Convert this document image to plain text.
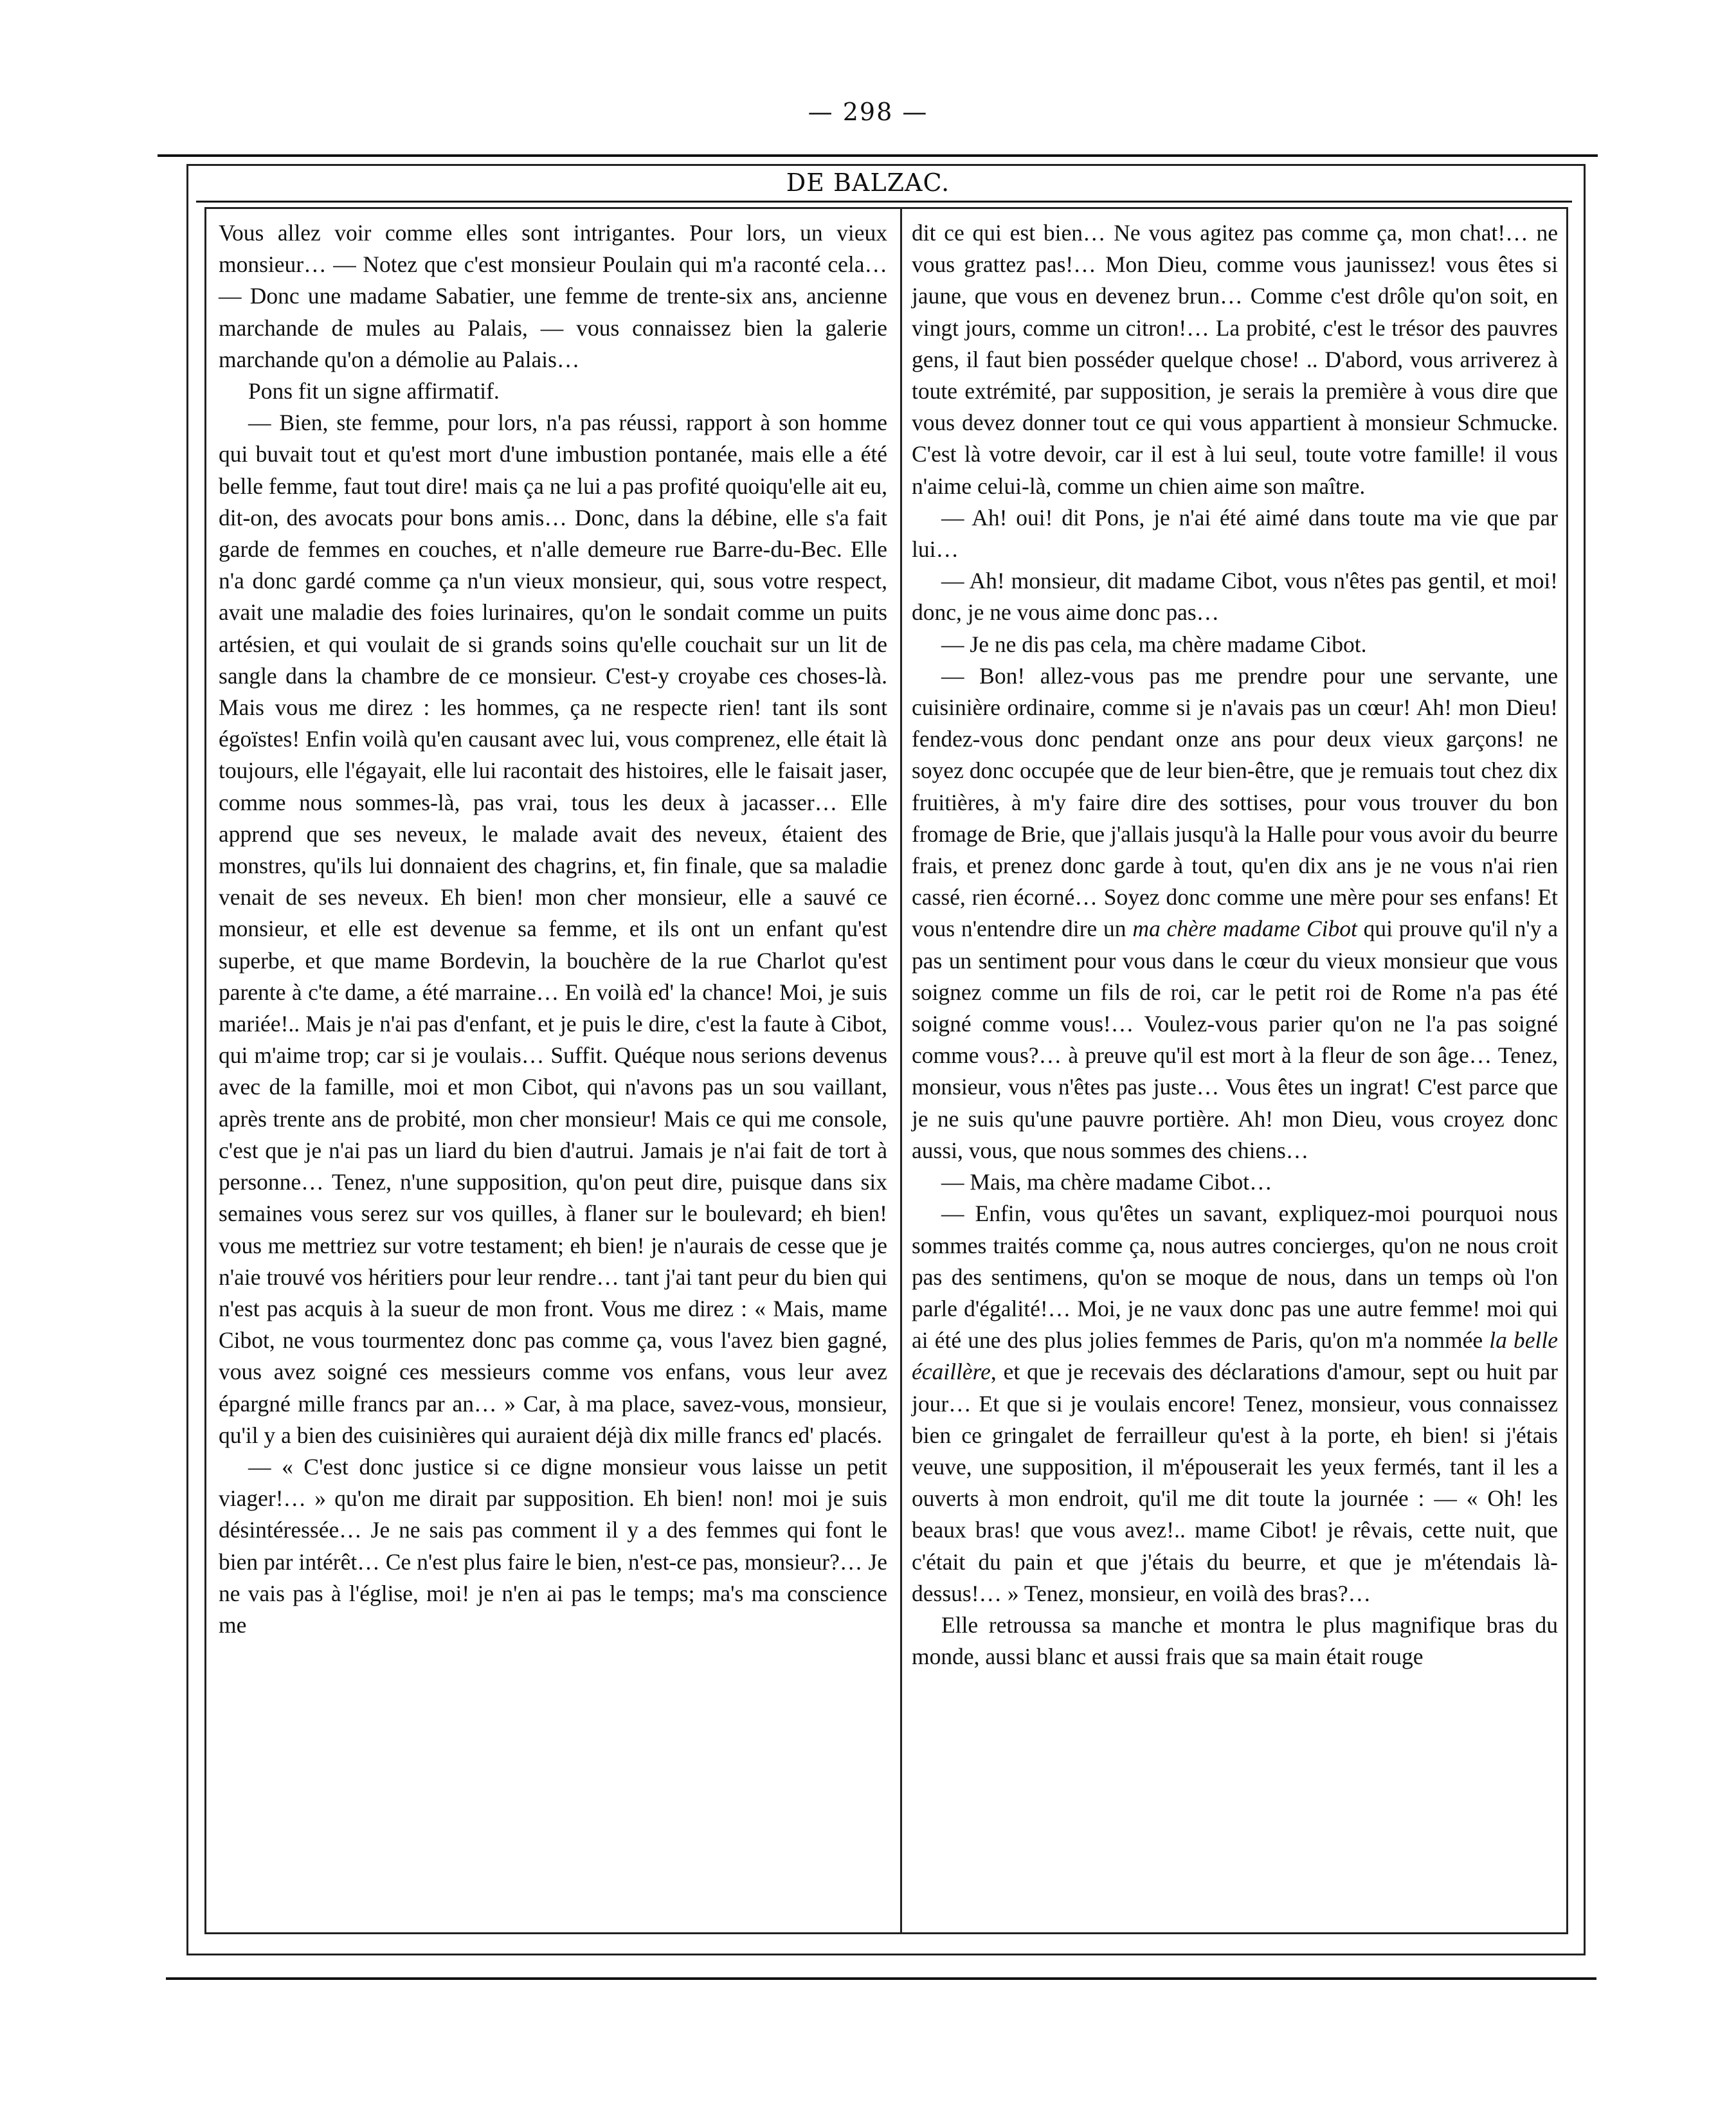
— 298 —
DE BALZAC.

Vous allez voir comme elles sont intrigantes. Pour lors, un vieux monsieur… — Notez que c'est monsieur Poulain qui m'a raconté cela… — Donc une madame Sabatier, une femme de trente-six ans, ancienne marchande de mules au Palais, — vous connaissez bien la galerie marchande qu'on a démolie au Palais…

Pons fit un signe affirmatif.

— Bien, ste femme, pour lors, n'a pas réussi, rapport à son homme qui buvait tout et qu'est mort d'une imbustion pontanée, mais elle a été belle femme, faut tout dire! mais ça ne lui a pas profité quoiqu'elle ait eu, dit-on, des avocats pour bons amis… Donc, dans la débine, elle s'a fait garde de femmes en couches, et n'alle demeure rue Barre-du-Bec. Elle n'a donc gardé comme ça n'un vieux monsieur, qui, sous votre respect, avait une maladie des foies lurinaires, qu'on le sondait comme un puits artésien, et qui voulait de si grands soins qu'elle couchait sur un lit de sangle dans la chambre de ce monsieur. C'est-y croyabe ces choses-là. Mais vous me direz : les hommes, ça ne respecte rien! tant ils sont égoïstes! Enfin voilà qu'en causant avec lui, vous comprenez, elle était là toujours, elle l'égayait, elle lui racontait des histoires, elle le faisait jaser, comme nous sommes-là, pas vrai, tous les deux à jacasser… Elle apprend que ses neveux, le malade avait des neveux, étaient des monstres, qu'ils lui donnaient des chagrins, et, fin finale, que sa maladie venait de ses neveux. Eh bien! mon cher monsieur, elle a sauvé ce monsieur, et elle est devenue sa femme, et ils ont un enfant qu'est superbe, et que mame Bordevin, la bouchère de la rue Charlot qu'est parente à c'te dame, a été marraine… En voilà ed' la chance! Moi, je suis mariée!.. Mais je n'ai pas d'enfant, et je puis le dire, c'est la faute à Cibot, qui m'aime trop; car si je voulais… Suffit. Quéque nous serions devenus avec de la famille, moi et mon Cibot, qui n'avons pas un sou vaillant, après trente ans de probité, mon cher monsieur! Mais ce qui me console, c'est que je n'ai pas un liard du bien d'autrui. Jamais je n'ai fait de tort à personne… Tenez, n'une supposition, qu'on peut dire, puisque dans six semaines vous serez sur vos quilles, à flaner sur le boulevard; eh bien! vous me mettriez sur votre testament; eh bien! je n'aurais de cesse que je n'aie trouvé vos héritiers pour leur rendre… tant j'ai tant peur du bien qui n'est pas acquis à la sueur de mon front. Vous me direz : « Mais, mame Cibot, ne vous tourmentez donc pas comme ça, vous l'avez bien gagné, vous avez soigné ces messieurs comme vos enfans, vous leur avez épargné mille francs par an… » Car, à ma place, savez-vous, monsieur, qu'il y a bien des cuisinières qui auraient déjà dix mille francs ed' placés.

— « C'est donc justice si ce digne monsieur vous laisse un petit viager!… » qu'on me dirait par supposition. Eh bien! non! moi je suis désintéressée… Je ne sais pas comment il y a des femmes qui font le bien par intérêt… Ce n'est plus faire le bien, n'est-ce pas, monsieur?… Je ne vais pas à l'église, moi! je n'en ai pas le temps; ma's ma conscience me

dit ce qui est bien… Ne vous agitez pas comme ça, mon chat!… ne vous grattez pas!… Mon Dieu, comme vous jaunissez! vous êtes si jaune, que vous en devenez brun… Comme c'est drôle qu'on soit, en vingt jours, comme un citron!… La probité, c'est le trésor des pauvres gens, il faut bien posséder quelque chose! .. D'abord, vous arriverez à toute extrémité, par supposition, je serais la première à vous dire que vous devez donner tout ce qui vous appartient à monsieur Schmucke. C'est là votre devoir, car il est à lui seul, toute votre famille! il vous n'aime celui-là, comme un chien aime son maître.

— Ah! oui! dit Pons, je n'ai été aimé dans toute ma vie que par lui…

— Ah! monsieur, dit madame Cibot, vous n'êtes pas gentil, et moi! donc, je ne vous aime donc pas…

— Je ne dis pas cela, ma chère madame Cibot.

— Bon! allez-vous pas me prendre pour une servante, une cuisinière ordinaire, comme si je n'avais pas un cœur! Ah! mon Dieu! fendez-vous donc pendant onze ans pour deux vieux garçons! ne soyez donc occupée que de leur bien-être, que je remuais tout chez dix fruitières, à m'y faire dire des sottises, pour vous trouver du bon fromage de Brie, que j'allais jusqu'à la Halle pour vous avoir du beurre frais, et prenez donc garde à tout, qu'en dix ans je ne vous n'ai rien cassé, rien écorné… Soyez donc comme une mère pour ses enfans! Et vous n'entendre dire un ma chère madame Cibot qui prouve qu'il n'y a pas un sentiment pour vous dans le cœur du vieux monsieur que vous soignez comme un fils de roi, car le petit roi de Rome n'a pas été soigné comme vous!… Voulez-vous parier qu'on ne l'a pas soigné comme vous?… à preuve qu'il est mort à la fleur de son âge… Tenez, monsieur, vous n'êtes pas juste… Vous êtes un ingrat! C'est parce que je ne suis qu'une pauvre portière. Ah! mon Dieu, vous croyez donc aussi, vous, que nous sommes des chiens…

— Mais, ma chère madame Cibot…

— Enfin, vous qu'êtes un savant, expliquez-moi pourquoi nous sommes traités comme ça, nous autres concierges, qu'on ne nous croit pas des sentimens, qu'on se moque de nous, dans un temps où l'on parle d'égalité!… Moi, je ne vaux donc pas une autre femme! moi qui ai été une des plus jolies femmes de Paris, qu'on m'a nommée la belle écaillère, et que je recevais des déclarations d'amour, sept ou huit par jour… Et que si je voulais encore! Tenez, monsieur, vous connaissez bien ce gringalet de ferrailleur qu'est à la porte, eh bien! si j'étais veuve, une supposition, il m'épouserait les yeux fermés, tant il les a ouverts à mon endroit, qu'il me dit toute la journée : — « Oh! les beaux bras! que vous avez!.. mame Cibot! je rêvais, cette nuit, que c'était du pain et que j'étais du beurre, et que je m'étendais là-dessus!… » Tenez, monsieur, en voilà des bras?…

Elle retroussa sa manche et montra le plus magnifique bras du monde, aussi blanc et aussi frais que sa main était rouge
